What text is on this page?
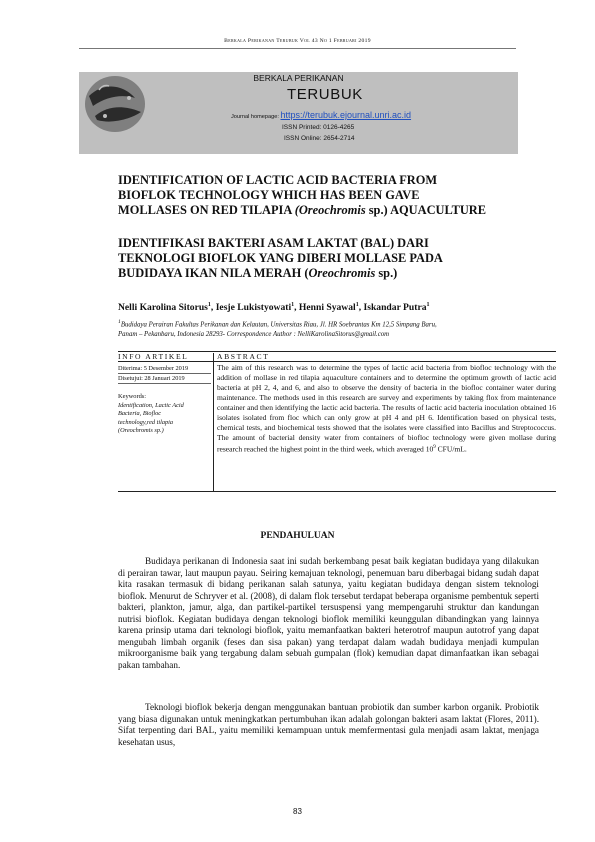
Berkala Perikanan Terubuk Vol 43 No 1 Februari 2019
BERKALA PERIKANAN
TERUBUK
Journal homepage: https://terubuk.ejournal.unri.ac.id
ISSN Printed: 0126-4265
ISSN Online: 2654-2714
IDENTIFICATION OF LACTIC ACID BACTERIA FROM
BIOFLOK TECHNOLOGY WHICH HAS BEEN GAVE
MOLLASES ON RED TILAPIA (Oreochromis sp.) AQUACULTURE
IDENTIFIKASI BAKTERI ASAM LAKTAT (BAL) DARI
TEKNOLOGI BIOFLOK YANG DIBERI MOLLASE PADA
BUDIDAYA IKAN NILA MERAH (Oreochromis sp.)
Nelli Karolina Sitorus$^1$, Iesje Lukistyowati$^1$, Henni Syawal$^1$, Iskandar Putra$^1$
$^1$Budidaya Perairan Fakultas Perikanan dan Kelautan, Universitas Riau, Jl. HR Soebrantas Km 12,5 Simpang Baru,
Panam – Pekanbaru, Indonesia 28293- Correspondence Author : NelliKarolinaSitorus@gmail.com
INFO ARTIKEL	ABSTRACT
Diterima: 5 Desember 2019
Disetujui: 28 Januari 2019
Keywords:
Identification, Lactic Acid
Bacteria, Biofloc
technology,red tilapia
(Oreochromis sp.)
The aim of this research was to determine the types of lactic acid bacteria from biofloc technology with the addition of mollase in red tilapia aquaculture containers and to determine the optimum growth of lactic acid bacteria at pH 2, 4, and 6, and also to observe the density of bacteria in the biofloc container water during maintenance. The methods used in this research are survey and experiments by taking flox from maintenance container and then identifying the lactic acid bacteria. The results of lactic acid bacteria inoculation obtained 16 isolates isolated from floc which can only grow at pH 4 and pH 6. Identification based on physical tests, chemical tests, and biochemical tests showed that the isolates were classified into Bacillus and Streptococcus. The amount of bacterial density water from containers of biofloc technology were given mollase during research reached the highest point in the third week, which averaged $10^9$ CFU/mL.
PENDAHULUAN
Budidaya perikanan di Indonesia saat ini sudah berkembang pesat baik kegiatan budidaya yang dilakukan di perairan tawar, laut maupun payau. Seiring kemajuan teknologi, penemuan baru diberbagai bidang sudah dapat kita rasakan termasuk di bidang perikanan salah satunya, yaitu kegiatan budidaya dengan sistem teknologi bioflok. Menurut de Schryver et al. (2008), di dalam flok tersebut terdapat beberapa organisme pembentuk seperti bakteri, plankton, jamur, alga, dan partikel-partikel tersuspensi yang mempengaruhi struktur dan kandungan nutrisi bioflok. Kegiatan budidaya dengan teknologi bioflok memiliki keunggulan dibandingkan yang lainnya karena prinsip utama dari teknologi bioflok, yaitu memanfaatkan bakteri heterotrof maupun autotrof yang dapat mengubah limbah organik (feses dan sisa pakan) yang terdapat dalam wadah budidaya menjadi kumpulan mikroorganisme baik yang tergabung dalam sebuah gumpalan (flok) kemudian dapat dimanfaatkan ikan sebagai pakan tambahan.
Teknologi bioflok bekerja dengan menggunakan bantuan probiotik dan sumber karbon organik. Probiotik yang biasa digunakan untuk meningkatkan pertumbuhan ikan adalah golongan bakteri asam laktat (Flores, 2011). Sifat terpenting dari BAL, yaitu memiliki kemampuan untuk memfermentasi gula menjadi asam laktat, menjaga kesehatan usus,
83
